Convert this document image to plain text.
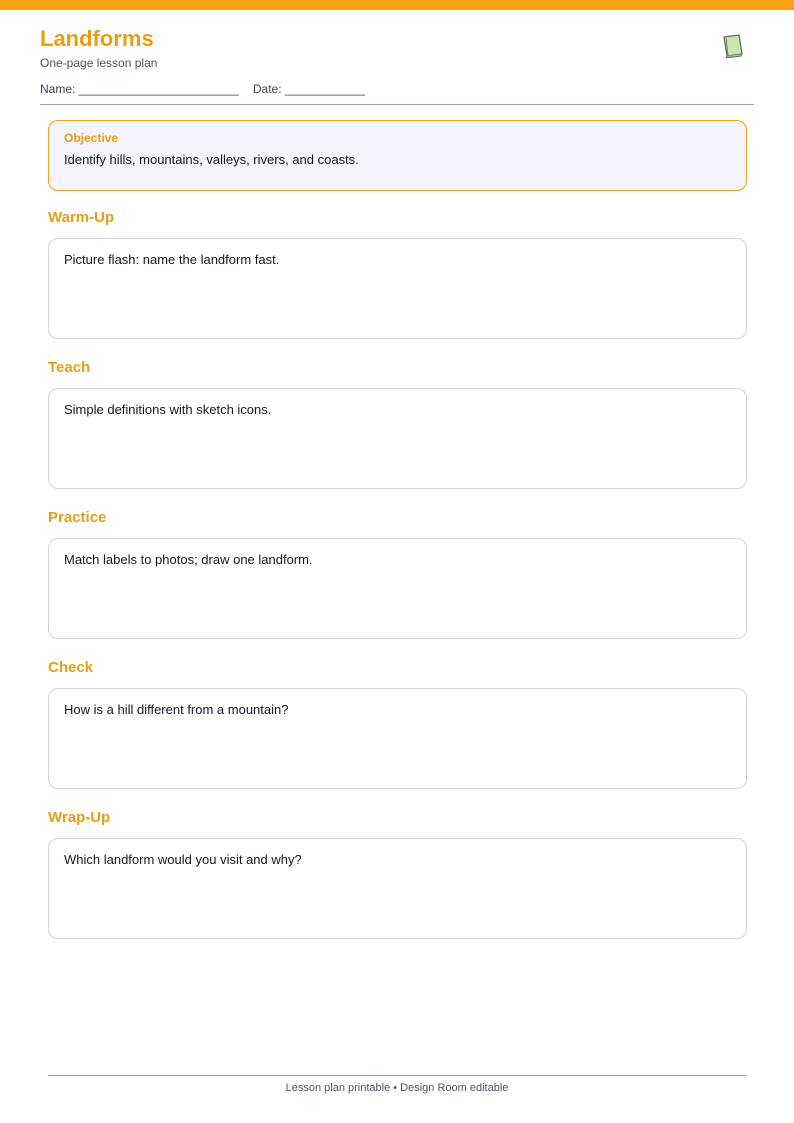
Landforms
One-page lesson plan
Name: ________________________ Date: ____________
Objective
Identify hills, mountains, valleys, rivers, and coasts.
Warm-Up
Picture flash: name the landform fast.
Teach
Simple definitions with sketch icons.
Practice
Match labels to photos; draw one landform.
Check
How is a hill different from a mountain?
Wrap-Up
Which landform would you visit and why?
Lesson plan printable • Design Room editable
